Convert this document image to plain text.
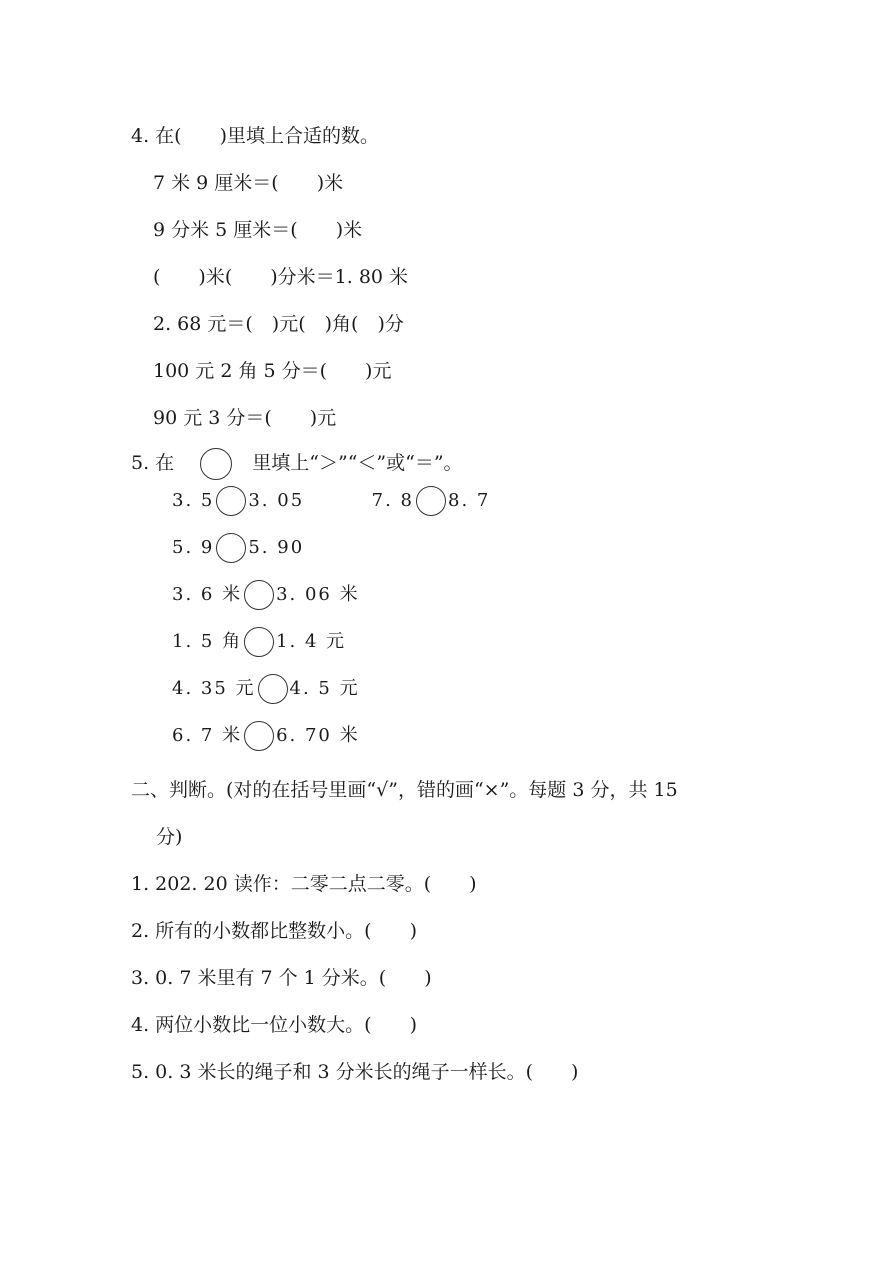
4. 在(　　)里填上合适的数。
7 米 9 厘米＝(　　)米
9 分米 5 厘米＝(　　)米
(　　)米(　　)分米＝1. 80 米
2. 68 元＝(　)元(　)角(　)分
100 元 2 角 5 分＝(　　)元
90 元 3 分＝(　　)元
5. 在	里填上“＞”“＜”或“＝”。
3. 5 3. 05	7. 8 8. 7
5. 9 5. 90
3. 6 米 3. 06 米
1. 5 角 1. 4 元
4. 35 元 4. 5 元
6. 7 米 6. 70 米
二、判断。(对的在括号里画“√”，错的画“×”。每题 3 分，共 15
分)
1. 202. 20 读作：二零二点二零。(　　)
2. 所有的小数都比整数小。(　　)
3. 0. 7 米里有 7 个 1 分米。(　　)
4. 两位小数比一位小数大。(　　)
5. 0. 3 米长的绳子和 3 分米长的绳子一样长。(　　)
